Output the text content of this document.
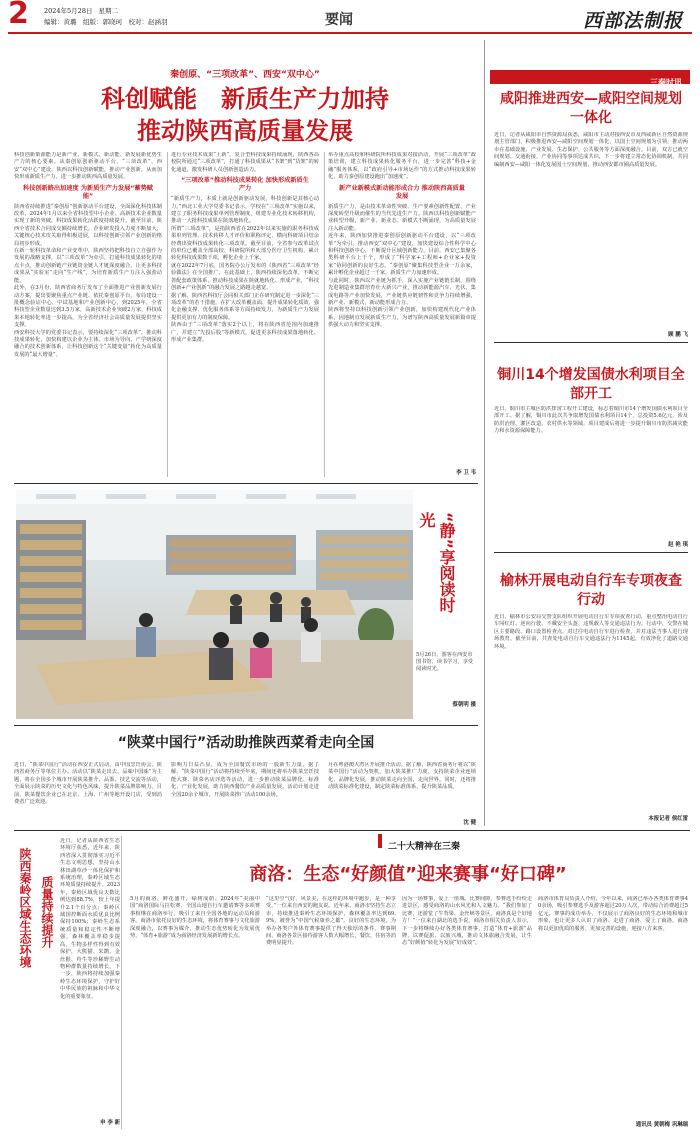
2 2024年5月28日 星期二
编辑：黄璐　组版：郭晓珂　校对：赵涵羽	要闻	西部法制报
秦创原、“三项改革”、西安“双中心”
科创赋能　新质生产力加持
推动陕西高质量发展

科技创新策源能力是新产业、新模式、新动能、新发展新优势生产力的核心要素。从秦创原创新驱动平台、“三项改革”、西安“双中心”建设，陕西以科技创新赋能，推动产业创新，从而加快形成新质生产力，进一步推动陕西高质量发展。

科技创新路出加速度 为新质生产力发展“蓄势赋能”

陕西省持续推进“秦创原”创新驱动平台建设，全面深化科技体制改革，2024年1月以来全省科技型中小企业、高新技术企业数量实现了新的突破，科技成果转化活跃度持续提升。截至目前，陕西全省技术合同成交额持续增长，企业研发投入力度不断加大，关键核心技术攻关取得积极进展，以科技创新引领产业创新的格局初步形成。

在新一轮科技革命和产业变革中，陕西坚持把科技自立自强作为发展的战略支撑，以“三项改革”为牵引，打通科技成果转化的堵点卡点，推动创新链产业链资金链人才链深度融合，让更多科技成果从“实验室”走向“生产线”，为培育新质生产力注入强劲动能。

此外，在3月份，陕西省商务厅发布了全面推进产业创新发展行动方案，提出要聚焦重点产业链、依托秦创原平台，布局建设一批概念验证中心、中试基地和产业创新中心，到2025年，全省科技型企业数量达到3.5万家，高新技术企业突破2万家，科技成果本地转化率进一步提高，为全省经济社会高质量发展提供坚实支撑。

西安科技大学的党委书记表示，要持续深化“三项改革”，推动科技成果转化，加快构建以企业为主体、市场为导向、产学研深度融合的技术创新体系，让科技创新这个“关键变量”转化为高质量发展的“最大增量”。

进行专业技术成果“上新”。复合型科技成果持续涌现，陕西各高校院所通过“三项改革”，打通了科技成果从“书架”到“货架”的转化通道，激发科研人员创新创造活力。

“三项改革”推动科技成果转化 加快形成新质生产力

“新质生产力，本质上就是创新驱动发展，科技创新是其核心动力。”西北工业大学党委书记表示，学校在“三项改革”实施以来，建立了职务科技成果单列管理制度，组建专业化技术转移机构，推动一大批科技成果在陕落地转化。

所谓“三项改革”，是指陕西省在2022年以来实施的职务科技成果单列管理、技术转移人才评价和职称评定、横向科研项目结余经费出资科技成果转化三项改革。截至目前，全省参与改革试点的单位已覆盖全部高校、科研院所和大部分医疗卫生机构，累计转化科技成果数千项，孵化企业上千家。

就在2022年7月底，国务院办公厅发布的《陕西省“三项改革”经验做法》在全国推广。在此基础上，陕西持续深化改革，不断完善配套政策体系，推动科技成果在陕就地转化、形成产业，“科技创新+产业创新”的融合发展之路越走越宽。

据了解，陕西省科技厅会同相关部门正在研究制定进一步深化“三项改革”的若干措施，在扩大改革覆盖面、提升成果转化质效、强化金融支撑、优化服务体系等方面持续发力，为新质生产力发展提供更加有力的制度保障。

陕西由于“三项改革”落实2个以上，将在陕西省范围内加速推广，并建立“先投后股”等新模式，促进更多科技成果落地转化、形成产业集群。

举办重点高校和科研院所科技成果对接活动，开展“三项改革”政策培训，建立科技成果转化服务平台，进一步完善“科技+金融”服务体系，以“政府引导+市场运作”的方式推动科技成果转化，助力秦创原建设跑出“加速度”。

新产业新模式新动能形成合力 推动陕西高质量发展

新质生产力，是由技术革命性突破、生产要素创新性配置、产业深度转型升级而催生的当代先进生产力。陕西以科技创新赋能产业转型升级，新产业、新业态、新模式不断涌现，为高质量发展注入新动能。

近年来，陕西加快推进秦创原创新驱动平台建设，以“三项改革”为牵引，推动西安“双中心”建设，加快建设综合性科学中心和科技创新中心，不断提升区域创新能力。目前，西安已集聚各类科研平台上千个，形成了“科学家+工程师+企业家+投资家”协同创新的良好生态。“秦创原”聚集科技型企业一万余家，累计孵化企业超过一千家，新质生产力加速形成。

与此同时，陕西以产业链为抓手，深入实施产业链链长制，围绕先进制造业集群培育壮大新兴产业，推动新能源汽车、光伏、集成电路等产业加快发展，产业链供应链韧性和竞争力持续增强，新产业、新模式、新动能形成合力。

陕西将坚持以科技创新引领产业创新，加快构建现代化产业体系，因地制宜发展新质生产力，为谱写陕西高质量发展新篇章提供强大动力和坚实支撑。

李 卫 韦
“静”享阅读时光
5月26日，游客在西安市图书馆、读书学习，享受阅读时光。
蔡朝明 摄
“陕菜中国行”活动助推陕西菜肴走向全国
近日，“陕菜中国行”活动在西安正式启动，由中国烹饪协会、陕西省商务厅等单位主办。活动以“陕菜走出去，品味中国味”为主题，将在全国多个城市开展陕菜推介、品鉴、技艺交流等活动，全面展示陕菜的历史文化与特色风味，提升陕菜品牌影响力。目前，陕菜餐饮企业已在北京、上海、广州等地开设门店，受到消费者广泛欢迎。
影响力日益凸显，成为全国餐饮市场的一股新生力量。据了解，“陕菜中国行”活动将持续至年底，期间还将举办陕菜烹饪技能大赛、陕菜名店评选等活动，进一步推动陕菜品牌化、标准化、产业化发展，助力陕西餐饮产业高质量发展。活动计划走进全国20余个城市，开展陕菜推广活动100余场。
月在粤港澳大湾区开展推介活动。据了解，陕西省商务厅将以“陕菜中国行”活动为契机，加大陕菜推广力度，支持陕菜企业连锁化、品牌化发展，推动陕菜走向全国，走向世界。同时，还将推动陕菜标准化建设，制定陕菜标准体系，提升陕菜品质。
沈 健
二十大精神在三秦
商洛：生态“好颜值”迎来赛事“好口碑”
质量持续提升
陕西秦岭区域生态环境
近日，记者从陕西省生态环境厅获悉，近年来，陕西省深入贯彻落实习近平生态文明思想，坚持山水林田湖草沙一体化保护和系统治理，秦岭区域生态环境质量持续提升。2023年，秦岭区域优良天数比例达到88.7%，较上年提升2.1个百分点；秦岭区域国控断面水质优良比例保持100%；秦岭生态系统质量和稳定性不断增强，森林覆盖率稳步提高，生物多样性得到有效保护，大熊猫、朱鹮、金丝猴、羚牛等珍稀野生动物种群数量持续增长。下一步，陕西将持续加强秦岭生态环境保护，守护好中华民族的祖脉和中华文化的重要象征。
申 李 新
5月的商洛，鲜花盛开，绿树成荫。2024年“美丽中国”商洛国际马拉松赛、全国山地自行车邀请赛等多项赛事相继在商洛举行，吸引了来自全国各地的运动员和游客。商洛市依托良好的生态环境，将体育赛事与文化旅游深度融合，以赛事为媒介，推动生态优势转化为发展优势，“体育+旅游”成为商洛经济发展新的增长点。
“这里空气好、风景美，在这样的环境中跑步，是一种享受。”一位来自西安的跑友说。近年来，商洛市坚持生态立市，持续推进秦岭生态环境保护，森林覆盖率达到69.9%，被誉为“中国气候康养之都”。良好的生态环境，为举办各类户外体育赛事提供了得天独厚的条件。赛事期间，商洛各景区接待游客人数大幅增长，餐饮、住宿等消费明显提升。
因为一场赛事，爱上一座城。比赛间隙，参赛选手纷纷走进景区，感受商洛的山水风光和人文魅力。“我们参加了比赛，还游览了牛背梁、金丝峡等景区，商洛真是个好地方！”一位来自湖北的选手说。商洛市相关负责人表示，下一步将继续办好各类体育赛事，打造“体育+旅游”品牌，以赛促旅、以旅兴城，推动文体旅融合发展，让生态“好颜值”转化为发展“好成效”。
商洛市体育局负责人介绍，今年以来，商洛已举办各类体育赛事40余场，吸引参赛选手及游客超过20万人次，带动综合消费超过5亿元。赛事的成功举办，不仅展示了商洛良好的生态环境和城市形象，也让更多人认识了商洛、走进了商洛、爱上了商洛。商洛将以更加优质的服务、更加完善的设施，迎接八方来客。
通讯员 黄朝梅 巩琳瑞
三秦时讯
咸阳推进西安—咸阳空间规划一体化
近日，记者从咸阳市自然资源局获悉，咸阳市主动对接西安市及西咸新区自然资源规划主管部门，积极推进西安—咸阳空间规划一体化，以国土空间规划为引领，推动两市在基础设施、产业发展、生态保护、公共服务等方面深度融合。目前，双方已就空间规划、交通衔接、产业协同等事项达成共识，下一步将建立常态化协调机制，共同编制西安—咸阳一体化发展国土空间规划，推动西安都市圈高质量发展。
顾 鹏 飞
铜川14个增发国债水利项目全部开工
近日，铜川市主城区防洪排涝工程开工建设，标志着铜川市14个增发国债水利项目全部开工。据了解，铜川市此次共争取增发国债水利项目14个，总投资5.6亿元，涉及防洪治理、灌区改造、农村供水等领域，项目建成后将进一步提升铜川市防洪减灾能力和水资源保障能力。
赵 艳 琪
榆林开展电动自行车专项夜查行动
近日，榆林市公安局交警支队组织开展电动自行车专项夜查行动，重点整治电动自行车闯红灯、逆向行驶、不戴安全头盔、违规载人等交通违法行为。行动中，交警在城区主要路段、路口设置检查点，对过往电动自行车进行检查，并对违法当事人进行现场教育。截至目前，共查处电动自行车交通违法行为1145起，有效净化了道路交通环境。
本报记者 侯红雷
